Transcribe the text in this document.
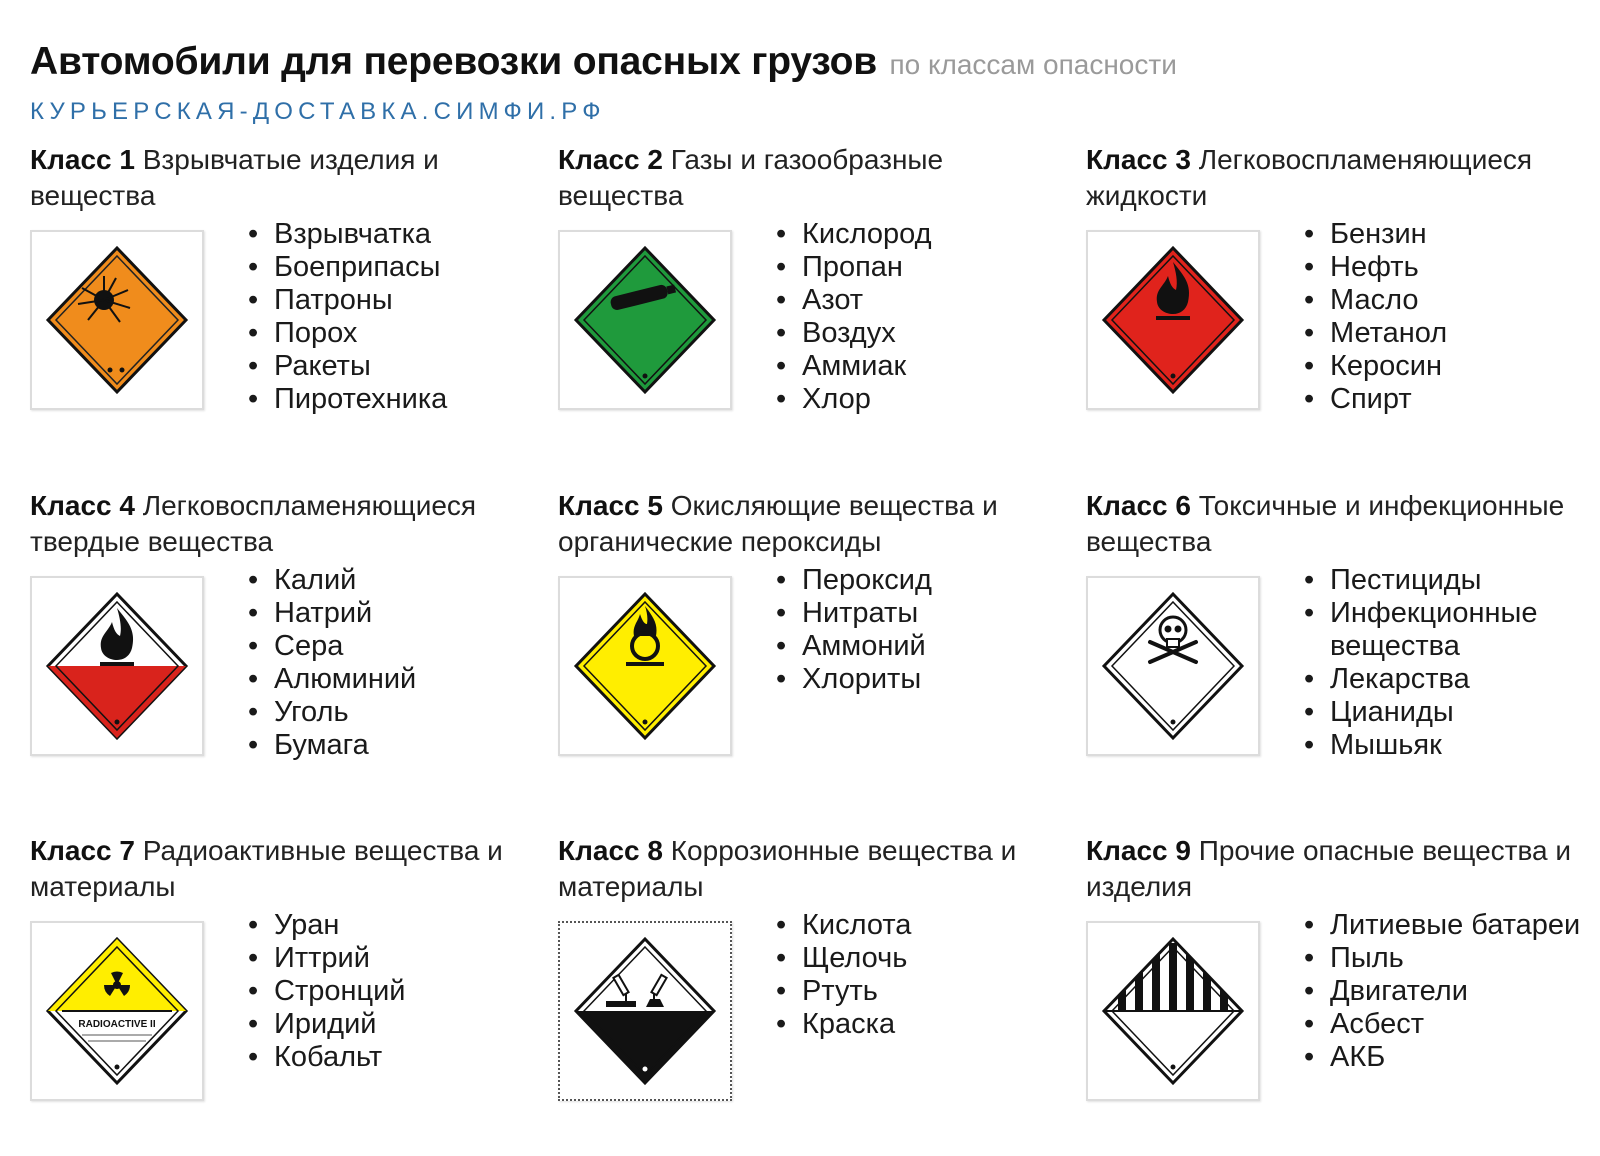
Автомобили для перевозки опасных грузов по классам опасности
КУРЬЕРСКАЯ-ДОСТАВКА.СИМФИ.РФ
Класс 1 Взрывчатые изделия и вещества
• Взрывчатка
• Боеприпасы
• Патроны
• Порох
• Ракеты
• Пиротехника
Класс 2 Газы и газообразные вещества
• Кислород
• Пропан
• Азот
• Воздух
• Аммиак
• Хлор
Класс 3 Легковоспламеняющиеся жидкости
• Бензин
• Нефть
• Масло
• Метанол
• Керосин
• Спирт
Класс 4 Легковоспламеняющиеся твердые вещества
• Калий
• Натрий
• Сера
• Алюминий
• Уголь
• Бумага
Класс 5 Окисляющие вещества и органические пероксиды
• Пероксид
• Нитраты
• Аммоний
• Хлориты
Класс 6 Токсичные и инфекционные вещества
• Пестициды
• Инфекционные вещества
• Лекарства
• Цианиды
• Мышьяк
Класс 7 Радиоактивные вещества и материалы
RADIOACTIVE II
• Уран
• Иттрий
• Стронций
• Иридий
• Кобальт
Класс 8 Коррозионные вещества и материалы
• Кислота
• Щелочь
• Ртуть
• Краска
Класс 9 Прочие опасные вещества и изделия
• Литиевые батареи
• Пыль
• Двигатели
• Асбест
• АКБ
